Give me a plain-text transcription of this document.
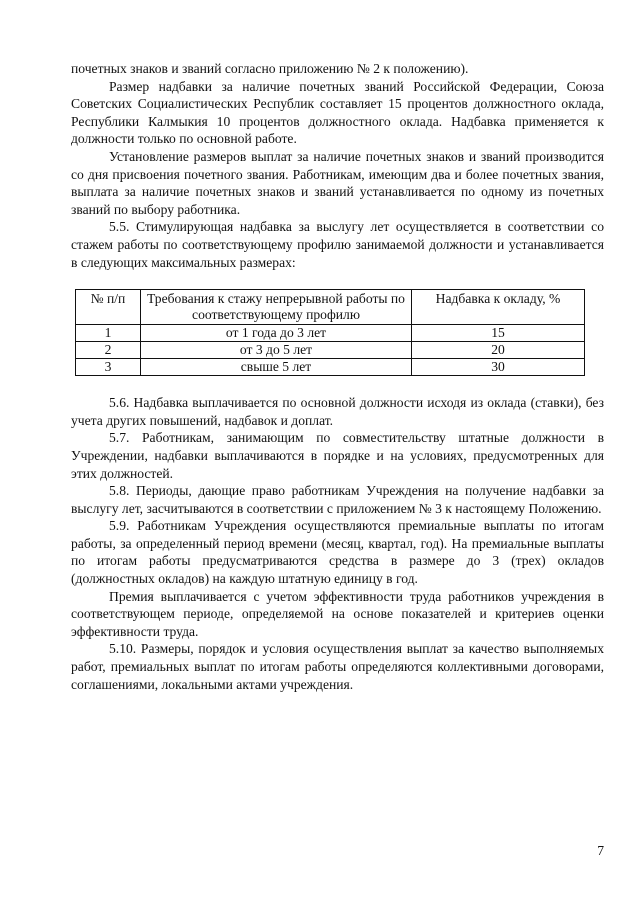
почетных знаков и званий согласно приложению № 2 к положению).

Размер надбавки за наличие почетных званий Российской Федерации, Союза Советских Социалистических Республик составляет 15 процентов должностного оклада, Республики Калмыкия 10 процентов должностного оклада. Надбавка применяется к должности только по основной работе.

Установление размеров выплат за наличие почетных знаков и званий производится со дня присвоения почетного звания. Работникам, имеющим два и более почетных звания, выплата за наличие почетных знаков и званий устанавливается по одному из почетных званий по выбору работника.

5.5. Стимулирующая надбавка за выслугу лет осуществляется в соответствии со стажем работы по соответствующему профилю занимаемой должности и устанавливается в следующих максимальных размерах:

№ п/п	Требования к стажу непрерывной работы по соответствующему профилю	Надбавка к окладу, %
1	от 1 года до 3 лет	15
2	от 3 до 5 лет	20
3	свыше 5 лет	30

5.6. Надбавка выплачивается по основной должности исходя из оклада (ставки), без учета других повышений, надбавок и доплат.

5.7. Работникам, занимающим по совместительству штатные должности в Учреждении, надбавки выплачиваются в порядке и на условиях, предусмотренных для этих должностей.

5.8. Периоды, дающие право работникам Учреждения на получение надбавки за выслугу лет, засчитываются в соответствии с приложением № 3 к настоящему Положению.

5.9. Работникам Учреждения осуществляются премиальные выплаты по итогам работы, за определенный период времени (месяц, квартал, год). На премиальные выплаты по итогам работы предусматриваются средства в размере до 3 (трех) окладов (должностных окладов) на каждую штатную единицу в год.

Премия выплачивается с учетом эффективности труда работников учреждения в соответствующем периоде, определяемой на основе показателей и критериев оценки эффективности труда.

5.10. Размеры, порядок и условия осуществления выплат за качество выполняемых работ, премиальных выплат по итогам работы определяются коллективными договорами, соглашениями, локальными актами учреждения.

7
